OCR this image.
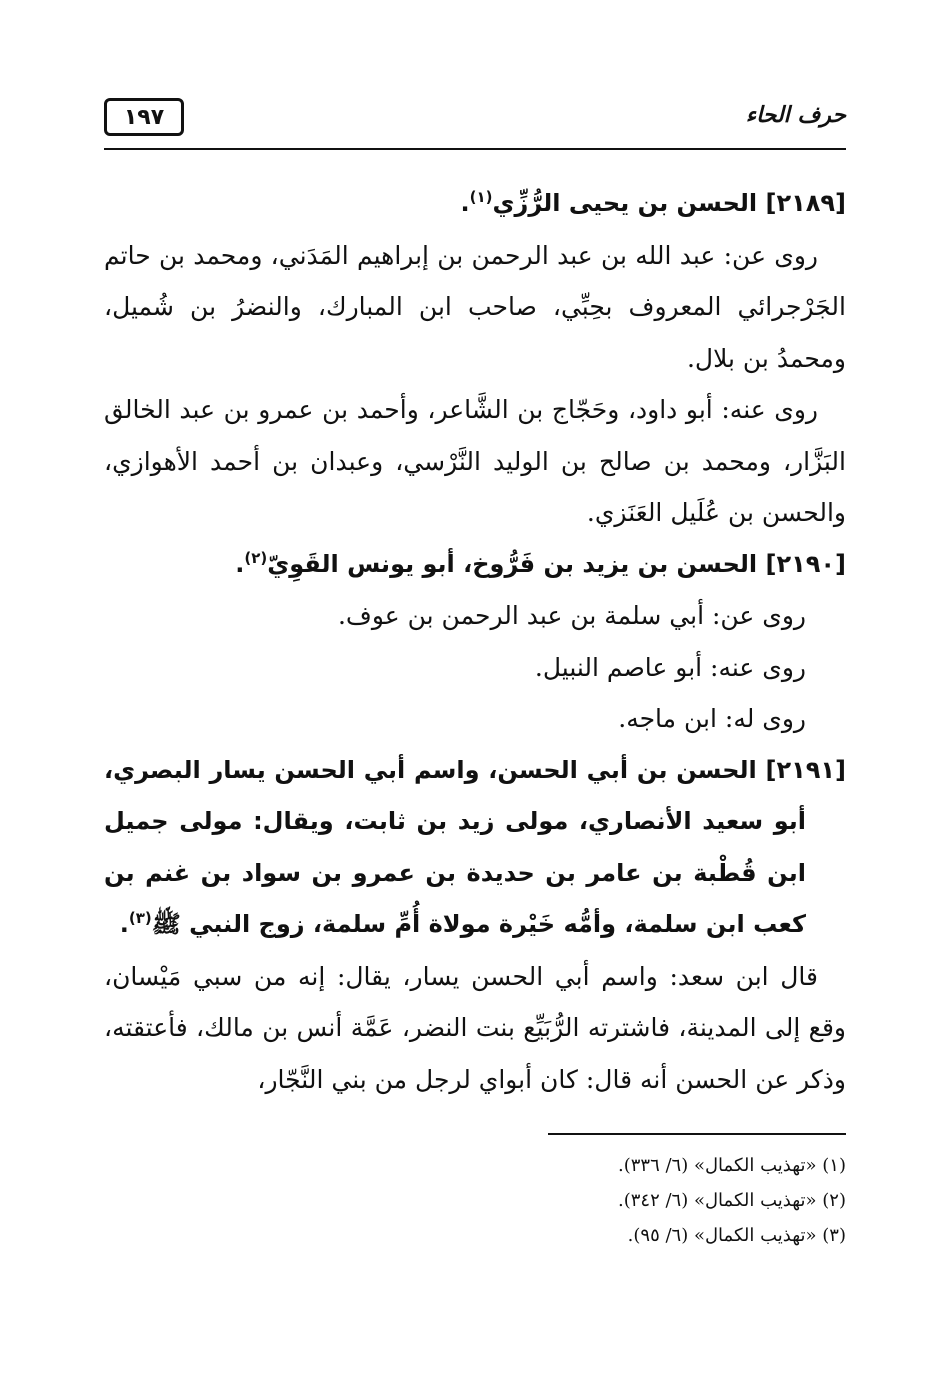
١٩٧	حرف الحاء

[٢١٨٩] الحسن بن يحيى الرُّزِّي$^{(١)}$.

روى عن: عبد الله بن عبد الرحمن بن إبراهيم المَدَني، ومحمد بن حاتم الجَرْجرائي المعروف بحِبِّي، صاحب ابن المبارك، والنضرُ بن شُميل، ومحمدُ بن بلال.

روى عنه: أبو داود، وحَجّاج بن الشَّاعر، وأحمد بن عمرو بن عبد الخالق البَزَّار، ومحمد بن صالح بن الوليد النَّرْسي، وعبدان بن أحمد الأهوازي، والحسن بن عُلَيل العَنَزي.

[٢١٩٠] الحسن بن يزيد بن فَرُّوخ، أبو يونس القَوِيّ$^{(٢)}$.

روى عن: أبي سلمة بن عبد الرحمن بن عوف.

روى عنه: أبو عاصم النبيل.

روى له: ابن ماجه.

[٢١٩١] الحسن بن أبي الحسن، واسم أبي الحسن يسار البصري، أبو سعيد الأنصاري، مولى زيد بن ثابت، ويقال: مولى جميل ابن قُطْبة بن عامر بن حديدة بن عمرو بن سواد بن غنم بن كعب ابن سلمة، وأمُّه خَيْرة مولاة أُمِّ سلمة، زوج النبي ﷺ$^{(٣)}$.

قال ابن سعد: واسم أبي الحسن يسار، يقال: إنه من سبي مَيْسان، وقع إلى المدينة، فاشترته الرُّبَيِّع بنت النضر، عَمَّة أنس بن مالك، فأعتقته، وذكر عن الحسن أنه قال: كان أبواي لرجل من بني النَّجّار،

(١) «تهذيب الكمال» (٦/ ٣٣٦).
(٢) «تهذيب الكمال» (٦/ ٣٤٢).
(٣) «تهذيب الكمال» (٦/ ٩٥).
